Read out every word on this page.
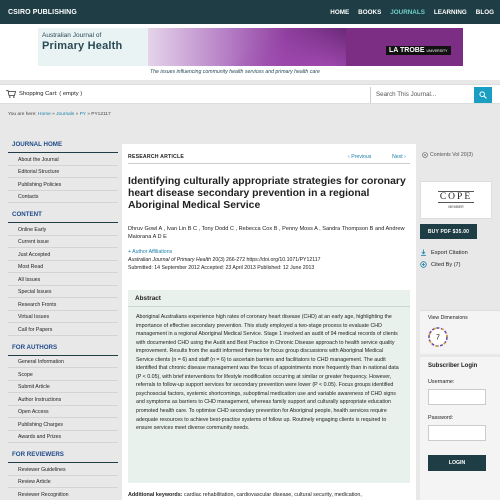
CSIRO PUBLISHING	HOME BOOKS JOURNALS LEARNING BLOG
Australian Journal of
Primary Health	LA TROBE UNIVERSITY
The issues influencing community health services and primary health care
Shopping Cart: ( empty )	Search This Journal...
You are here: Home » Journals » PY » PY12117
JOURNAL HOME
About the Journal
Editorial Structure
Publishing Policies
Contacts
CONTENT
Online Early
Current issue
Just Accepted
Most Read
All Issues
Special Issues
Research Fronts
Virtual Issues
Call for Papers
FOR AUTHORS
General Information
Scope
Submit Article
Author Instructions
Open Access
Publishing Charges
Awards and Prizes
FOR REVIEWERS
Reviewer Guidelines
Review Article
Reviewer Recognition
RESEARCH ARTICLE	‹ Previous	Next ›
Identifying culturally appropriate strategies for coronary heart disease secondary prevention in a regional Aboriginal Medical Service
Dhruv Gowl A , Ivan Lin B C , Tony Dodd C , Rebecca Cox B , Penny Moss A , Sandra Thompson B and Andrew Maiorana A D E
+ Author Affiliations
Australian Journal of Primary Health 20(3) 266-272 https://doi.org/10.1071/PY12117
Submitted: 14 September 2012 Accepted: 23 April 2013 Published: 12 June 2013
Abstract
Aboriginal Australians experience high rates of coronary heart disease (CHD) at an early age, highlighting the importance of effective secondary prevention. This study employed a two-stage process to evaluate CHD management in a regional Aboriginal Medical Service. Stage 1 involved an audit of 94 medical records of clients with documented CHD using the Audit and Best Practice in Chronic Disease approach to health service quality improvement. Results from the audit informed themes for focus group discussions with Aboriginal Medical Service clients (n = 6) and staff (n = 6) to ascertain barriers and facilitators to CHD management. The audit identified that chronic disease management was the focus of appointments more frequently than in national data (P < 0.05), with brief interventions for lifestyle modification occurring at similar or greater frequency. However, referrals to follow-up support services for secondary prevention were lower (P < 0.05). Focus groups identified psychosocial factors, systemic shortcomings, suboptimal medication use and variable awareness of CHD signs and symptoms as barriers to CHD management, whereas family support and culturally appropriate education promoted health care. To optimise CHD secondary prevention for Aboriginal people, health services require adequate resources to achieve best-practice systems of follow up. Routinely engaging clients is required to ensure services meet diverse community needs.
Additional keywords: cardiac rehabilitation, cardiovascular disease, cultural security, medication,
Contents Vol 20(3)
COPE
MEMBER
BUY PDF $35.00
Export Citation
Cited By (7)
View Dimensions
7
Subscriber Login
Username:
Password:
LOGIN
